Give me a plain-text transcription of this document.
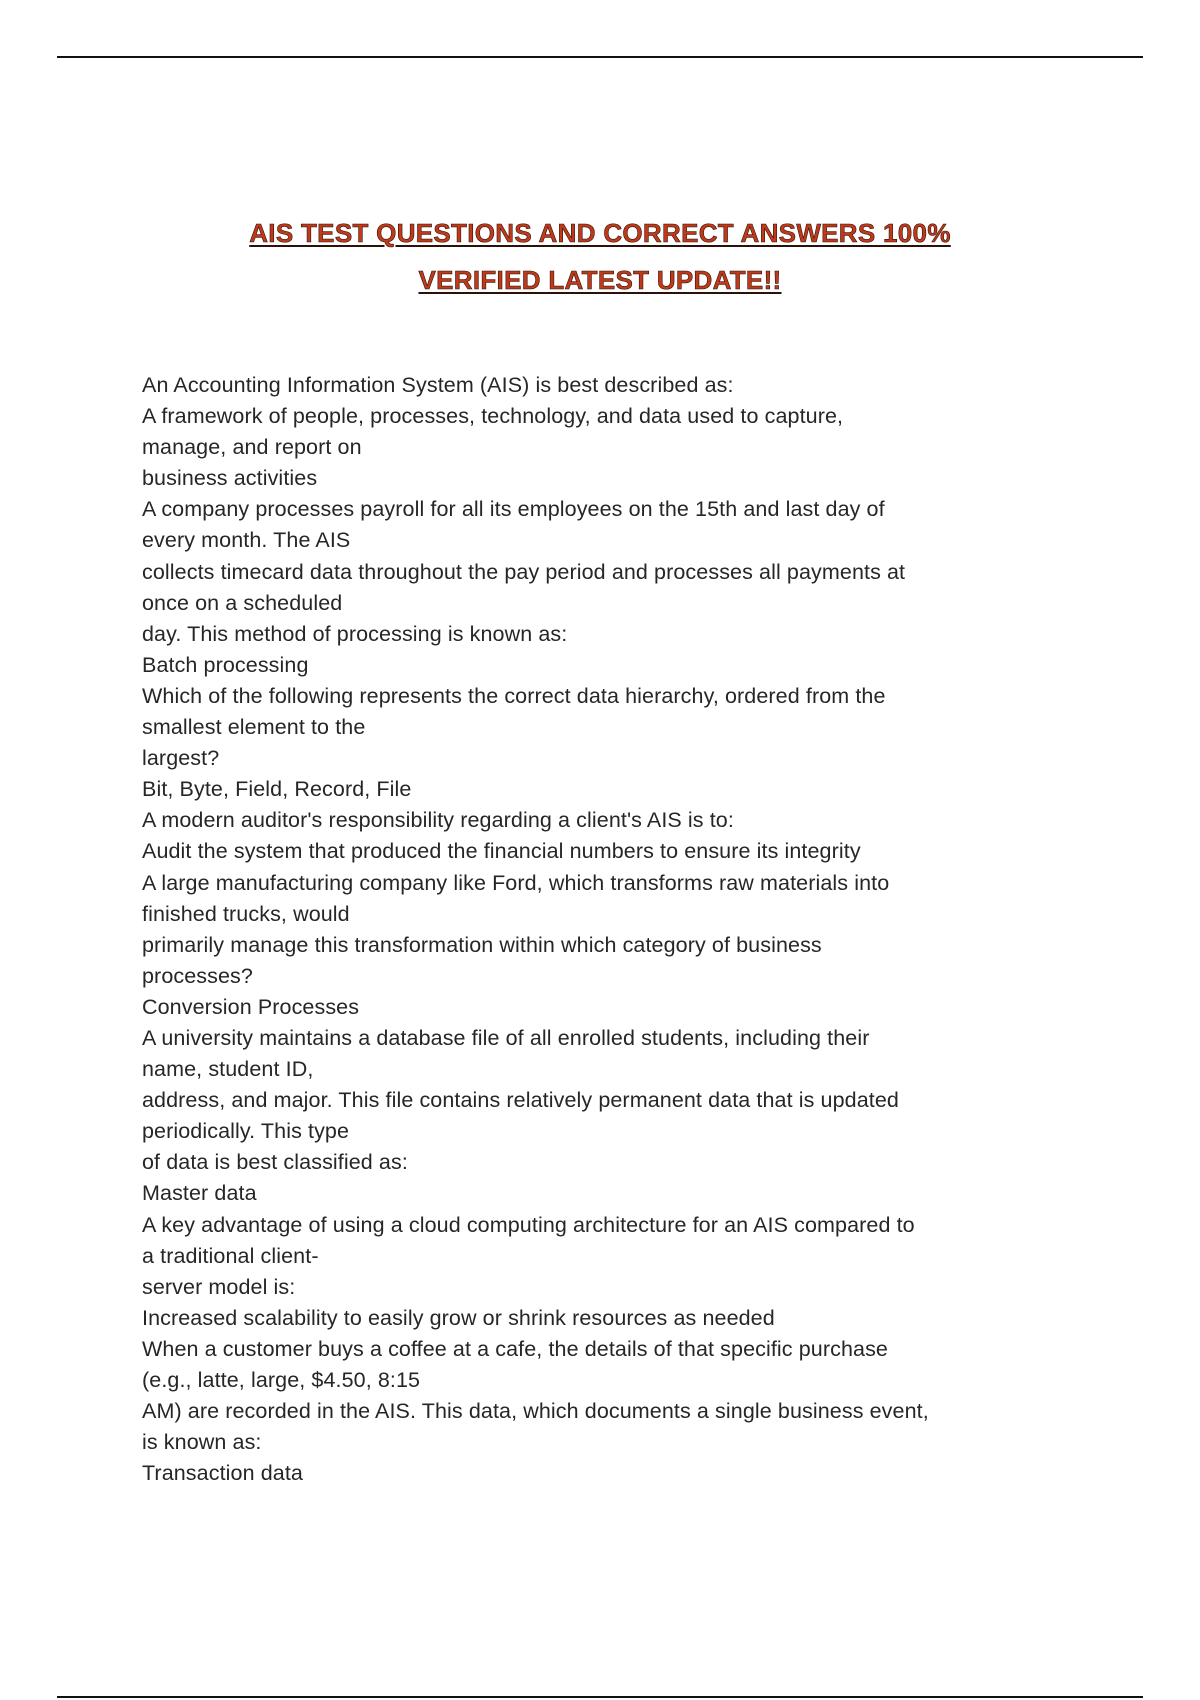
AIS TEST QUESTIONS AND CORRECT ANSWERS 100%
VERIFIED LATEST UPDATE!!
An Accounting Information System (AIS) is best described as:
A framework of people, processes, technology, and data used to capture,
manage, and report on
business activities
A company processes payroll for all its employees on the 15th and last day of
every month. The AIS
collects timecard data throughout the pay period and processes all payments at
once on a scheduled
day. This method of processing is known as:
Batch processing
Which of the following represents the correct data hierarchy, ordered from the
smallest element to the
largest?
Bit, Byte, Field, Record, File
A modern auditor's responsibility regarding a client's AIS is to:
Audit the system that produced the financial numbers to ensure its integrity
A large manufacturing company like Ford, which transforms raw materials into
finished trucks, would
primarily manage this transformation within which category of business
processes?
Conversion Processes
A university maintains a database file of all enrolled students, including their
name, student ID,
address, and major. This file contains relatively permanent data that is updated
periodically. This type
of data is best classified as:
Master data
A key advantage of using a cloud computing architecture for an AIS compared to
a traditional client-
server model is:
Increased scalability to easily grow or shrink resources as needed
When a customer buys a coffee at a cafe, the details of that specific purchase
(e.g., latte, large, $4.50, 8:15
AM) are recorded in the AIS. This data, which documents a single business event,
is known as:
Transaction data
